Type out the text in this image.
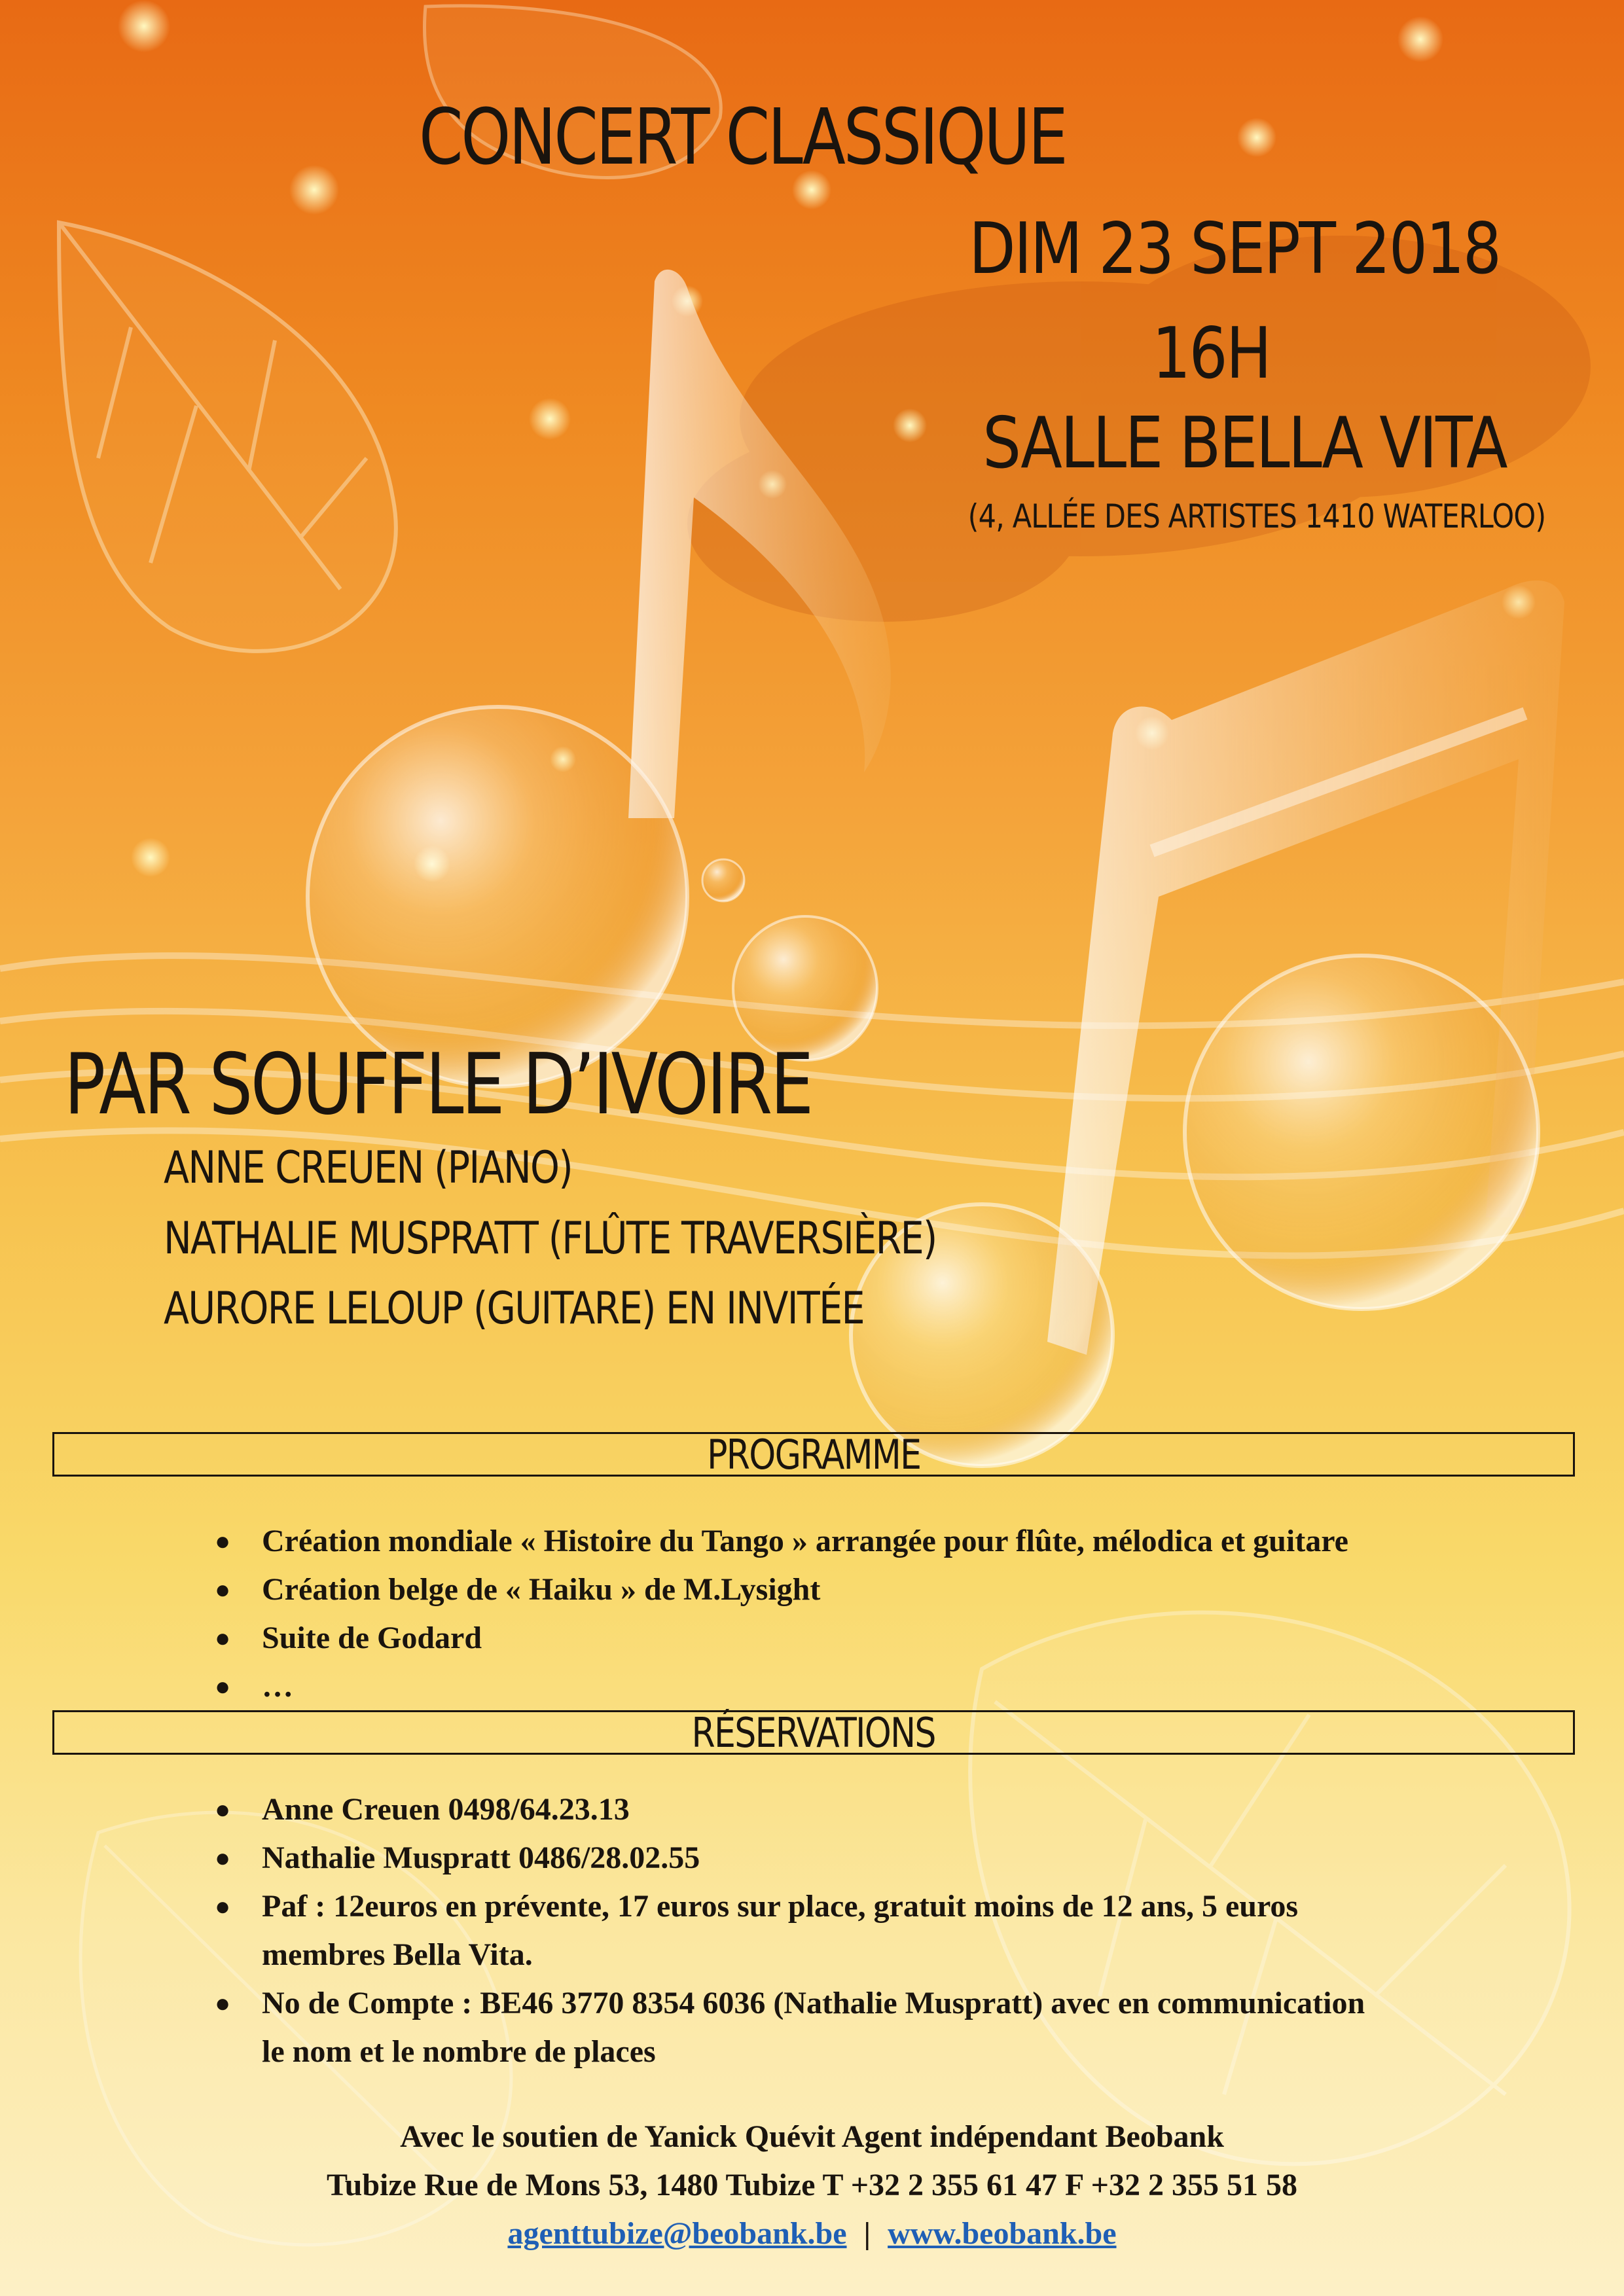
CONCERT CLASSIQUE
DIM 23 SEPT 2018
16H
SALLE BELLA VITA
(4, ALLÉE DES ARTISTES 1410 WATERLOO)
PAR SOUFFLE D’IVOIRE
ANNE CREUEN (PIANO)
NATHALIE MUSPRATT (FLÛTE TRAVERSIÈRE)
AURORE LELOUP (GUITARE) EN INVITÉE
PROGRAMME
● Création mondiale « Histoire du Tango » arrangée pour flûte, mélodica et guitare
● Création belge de « Haiku » de M.Lysight
● Suite de Godard
● …
RÉSERVATIONS
● Anne Creuen 0498/64.23.13
● Nathalie Muspratt 0486/28.02.55
● Paf : 12euros en prévente, 17 euros sur place, gratuit moins de 12 ans, 5 euros
membres Bella Vita.
● No de Compte : BE46 3770 8354 6036 (Nathalie Muspratt) avec en communication
le nom et le nombre de places
Avec le soutien de Yanick Quévit Agent indépendant Beobank
Tubize Rue de Mons 53, 1480 Tubize T +32 2 355 61 47 F +32 2 355 51 58
agenttubize@beobank.be | www.beobank.be
